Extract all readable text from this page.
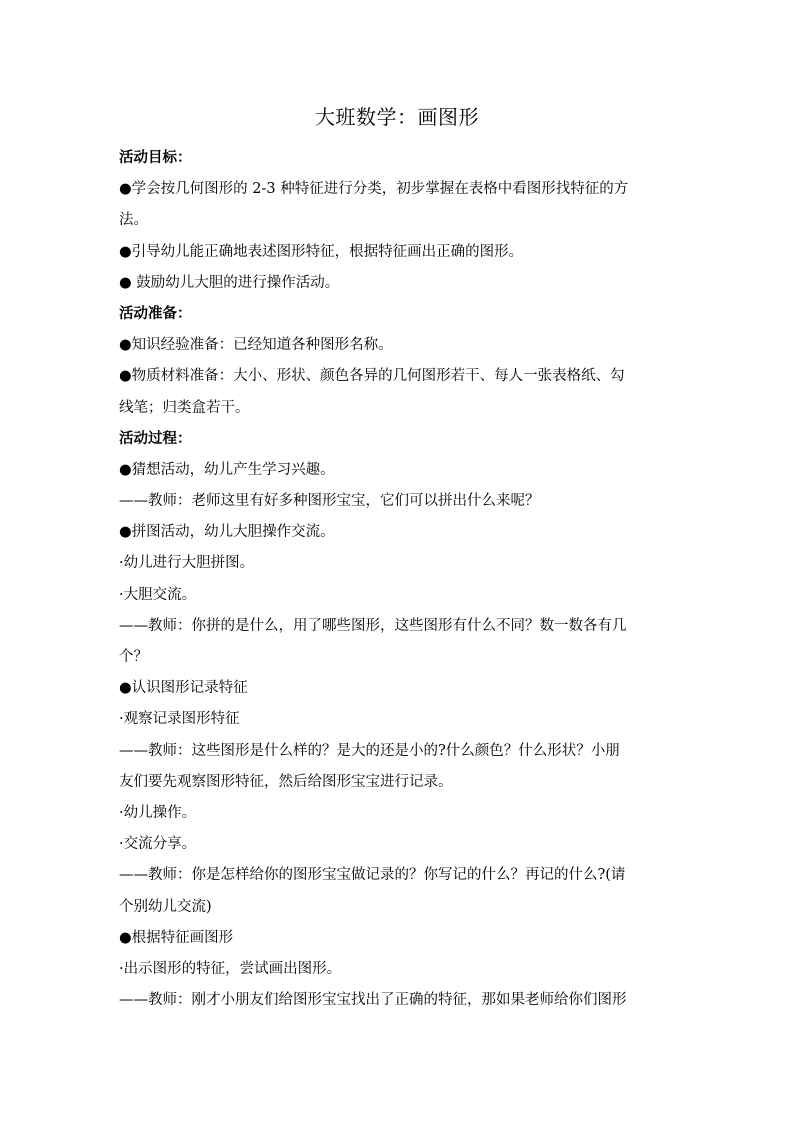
大班数学：画图形
活动目标：
●学会按几何图形的 2-3 种特征进行分类，初步掌握在表格中看图形找特征的方
法。
●引导幼儿能正确地表述图形特征，根据特征画出正确的图形。
● 鼓励幼儿大胆的进行操作活动。
活动准备：
●知识经验准备：已经知道各种图形名称。
●物质材料准备：大小、形状、颜色各异的几何图形若干、每人一张表格纸、勾
线笔；归类盒若干。
活动过程：
●猜想活动，幼儿产生学习兴趣。
——教师：老师这里有好多种图形宝宝，它们可以拼出什么来呢？
●拼图活动，幼儿大胆操作交流。
·幼儿进行大胆拼图。
·大胆交流。
——教师：你拼的是什么，用了哪些图形，这些图形有什么不同？数一数各有几
个？
●认识图形记录特征
·观察记录图形特征
——教师：这些图形是什么样的？是大的还是小的?什么颜色？什么形状？小朋
友们要先观察图形特征，然后给图形宝宝进行记录。
·幼儿操作。
·交流分享。
——教师：你是怎样给你的图形宝宝做记录的？你写记的什么？再记的什么?(请
个别幼儿交流)
●根据特征画图形
·出示图形的特征，尝试画出图形。
——教师：刚才小朋友们给图形宝宝找出了正确的特征，那如果老师给你们图形
